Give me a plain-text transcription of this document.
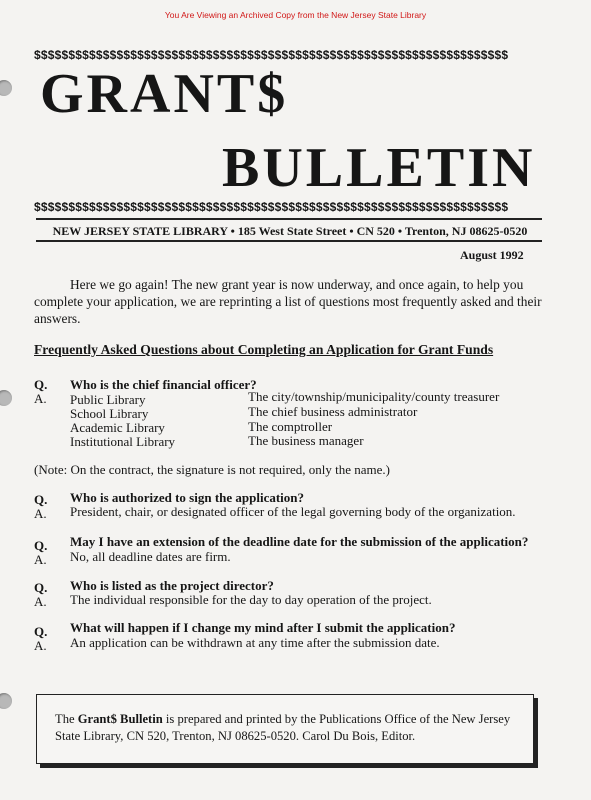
You Are Viewing an Archived Copy from the New Jersey State Library
$$$$$$$$$$$$$$$$$$$$$$$$$$$$$$$$$$$$$$$$$$$$$$$$$$$$$$$$$$$$$$$$$$$$$
GRANT$
BULLETIN
$$$$$$$$$$$$$$$$$$$$$$$$$$$$$$$$$$$$$$$$$$$$$$$$$$$$$$$$$$$$$$$$$$$$$
NEW JERSEY STATE LIBRARY • 185 West State Street • CN 520 • Trenton, NJ 08625-0520
August 1992
Here we go again! The new grant year is now underway, and once again, to help you complete your application, we are reprinting a list of questions most frequently asked and their answers.
Frequently Asked Questions about Completing an Application for Grant Funds
Q. Who is the chief financial officer?
A. Public Library	The city/township/municipality/county treasurer
School Library	The chief business administrator
Academic Library	The comptroller
Institutional Library	The business manager
(Note: On the contract, the signature is not required, only the name.)
Q. Who is authorized to sign the application?
A. President, chair, or designated officer of the legal governing body of the organization.
Q. May I have an extension of the deadline date for the submission of the application?
A. No, all deadline dates are firm.
Q. Who is listed as the project director?
A. The individual responsible for the day to day operation of the project.
Q. What will happen if I change my mind after I submit the application?
A. An application can be withdrawn at any time after the submission date.
The Grant$ Bulletin is prepared and printed by the Publications Office of the New Jersey State Library, CN 520, Trenton, NJ 08625-0520. Carol Du Bois, Editor.
